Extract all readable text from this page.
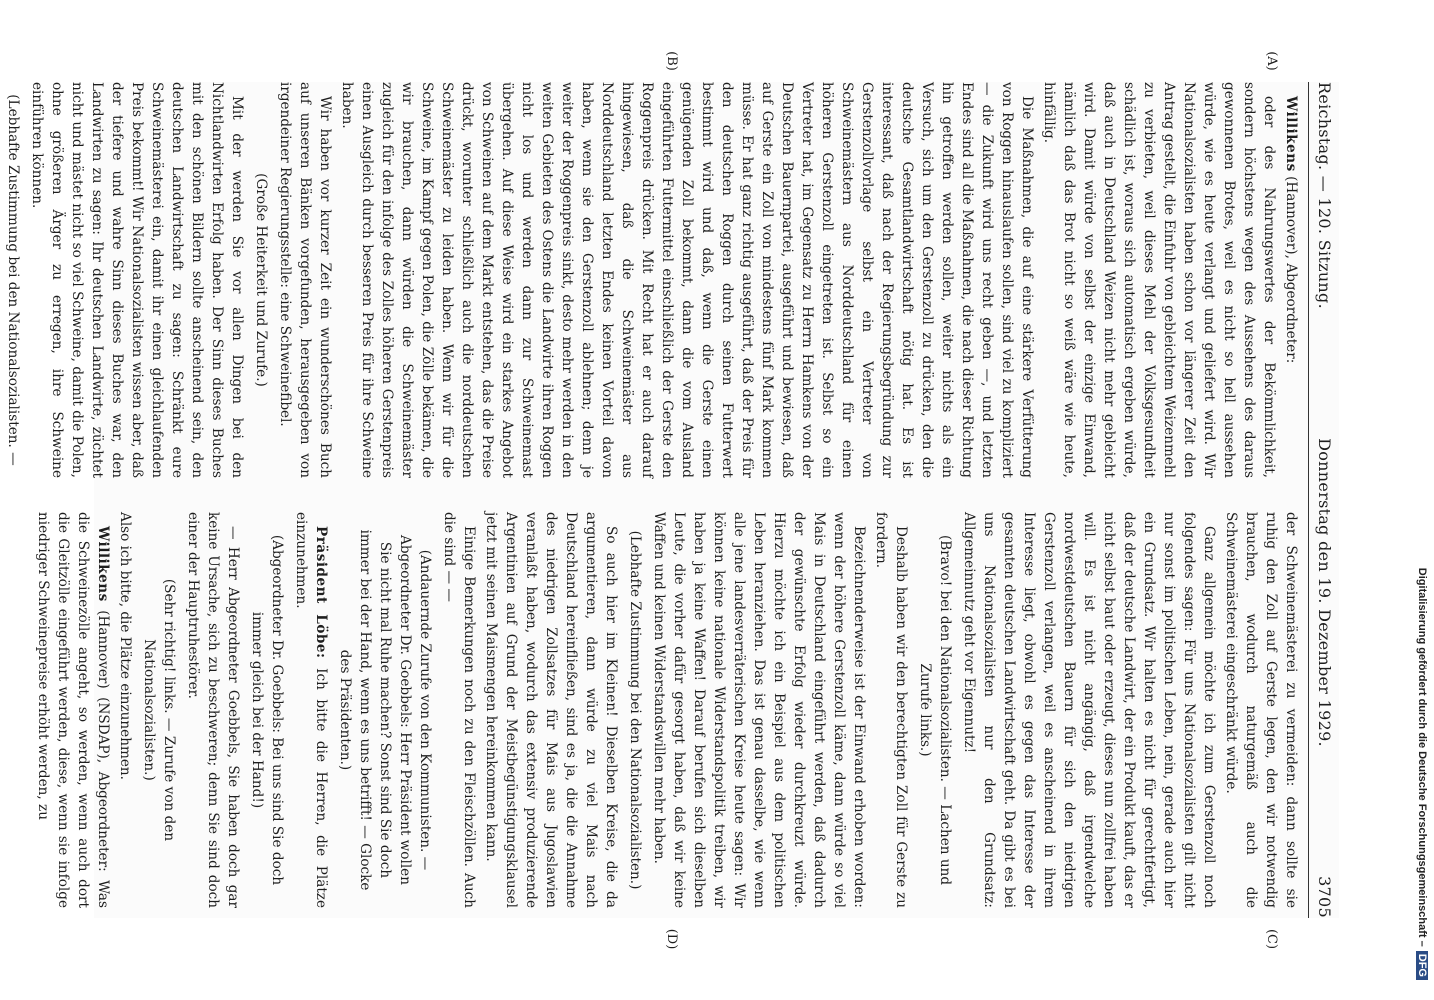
Reichstag. — 120. Sitzung.
Donnerstag den 19. Dezember 1929.
3705
(A)
(B)
(C)
(D)

Willikens (Hannover), Abgeordneter:

oder des Nahrungswertes der Bekömmlichkeit, sondern höchstens wegen des Aussehens des daraus gewonnenen Brotes, weil es nicht so hell aussehen würde, wie es heute verlangt und geliefert wird. Wir Nationalsozialisten haben schon vor längerer Zeit den Antrag gestellt, die Einfuhr von gebleichtem Weizenmehl zu verbieten, weil dieses Mehl der Volksgesundheit schädlich ist, woraus sich automatisch ergeben würde, daß auch in Deutschland Weizen nicht mehr gebleicht wird. Damit würde von selbst der einzige Einwand, nämlich daß das Brot nicht so weiß wäre wie heute, hinfällig.

Die Maßnahmen, die auf eine stärkere Verfütterung von Roggen hinauslaufen sollen, sind viel zu kompliziert — die Zukunft wird uns recht geben —, und letzten Endes sind all die Maßnahmen, die nach dieser Richtung hin getroffen werden sollen, weiter nichts als ein Versuch, sich um den Gerstenzoll zu drücken, den die deutsche Gesamtlandwirtschaft nötig hat. Es ist interessant, daß nach der Regierungsbegründung zur Gerstenzollvorlage selbst ein Vertreter von Schweinemästern aus Norddeutschland für einen höheren Gerstenzoll eingetreten ist. Selbst so ein Vertreter hat, im Gegensatz zu Herrn Hamkens von der Deutschen Bauernpartei, ausgeführt und bewiesen, daß auf Gerste ein Zoll von mindestens fünf Mark kommen müsse. Er hat ganz richtig ausgeführt, daß der Preis für den deutschen Roggen durch seinen Futterwert bestimmt wird und daß, wenn die Gerste einen genügenden Zoll bekommt, dann die vom Ausland eingeführten Futtermittel einschließlich der Gerste den Roggenpreis drücken. Mit Recht hat er auch darauf hingewiesen, daß die Schweinemäster aus Norddeutschland letzten Endes keinen Vorteil davon haben, wenn sie den Gerstenzoll ablehnen; denn je weiter der Roggenpreis sinkt, desto mehr werden in den weiten Gebieten des Ostens die Landwirte ihren Roggen nicht los und werden dann zur Schweinemast übergehen. Auf diese Weise wird ein starkes Angebot von Schweinen auf dem Markt entstehen, das die Preise drückt, worunter schließlich auch die norddeutschen Schweinemäster zu leiden haben. Wenn wir für die Schweine, im Kampf gegen Polen, die Zölle bekämen, die wir brauchen, dann würden die Schweinemäster zugleich für den infolge des Zolles höheren Gerstenpreis einen Ausgleich durch besseren Preis für ihre Schweine haben.

Wir haben vor kurzer Zeit ein wunderschönes Buch auf unseren Bänken vorgefunden, herausgegeben von irgendeiner Regierungsstelle: eine Schweinefibel.

(Große Heiterkeit und Zurufe.)

Mit der werden Sie vor allen Dingen bei den Nichtlandwirten Erfolg haben. Der Sinn dieses Buches mit den schönen Bildern sollte anscheinend sein, den deutschen Landwirtschaft zu sagen: Schränkt eure Schweinemästerei ein, damit ihr einen gleichlaufenden Preis bekommt! Wir Nationalsozialisten wissen aber, daß der tiefere und wahre Sinn dieses Buches war, den Landwirten zu sagen: Ihr deutschen Landwirte, züchtet nicht und mästet nicht so viel Schweine, damit die Polen, ohne größeren Ärger zu erregen, ihre Schweine einführen können.

(Lebhafte Zustimmung bei den Nationalsozialisten. —

der Schweinemästerei zu vermeiden: dann sollte sie ruhig den Zoll auf Gerste legen, den wir notwendig brauchen, wodurch naturgemäß auch die Schweinemästerei eingeschränkt würde.

Ganz allgemein möchte ich zum Gerstenzoll noch folgendes sagen: Für uns Nationalsozialisten gilt nicht nur sonst im politischen Leben, nein, gerade auch hier ein Grundsatz. Wir halten es nicht für gerechtfertigt, daß der deutsche Landwirt, der ein Produkt kauft, das er nicht selbst baut oder erzeugt, dieses nun zollfrei haben will. Es ist nicht angängig, daß irgendwelche nordwestdeutschen Bauern für sich den niedrigen Gerstenzoll verlangen, weil es anscheinend in ihrem Interesse liegt, obwohl es gegen das Interesse der gesamten deutschen Landwirtschaft geht. Da gibt es bei uns Nationalsozialisten nur den Grundsatz: Allgemeinnutz geht vor Eigennutz!

(Bravo! bei den Nationalsozialisten. — Lachen und Zurufe links.)

Deshalb haben wir den berechtigten Zoll für Gerste zu fordern.

Bezeichnenderweise ist der Einwand erhoben worden: wenn der höhere Gerstenzoll käme, dann würde so viel Mais in Deutschland eingeführt werden, daß dadurch der gewünschte Erfolg wieder durchkreuzt würde. Hierzu möchte ich ein Beispiel aus dem politischen Leben heranziehen. Das ist genau dasselbe, wie wenn alle jene landesverräterischen Kreise heute sagen: Wir können keine nationale Widerstandspolitik treiben, wir haben ja keine Waffen! Darauf berufen sich dieselben Leute, die vorher dafür gesorgt haben, daß wir keine Waffen und keinen Widerstandswillen mehr haben.

(Lebhafte Zustimmung bei den Nationalsozialisten.)

So auch hier im Kleinen! Dieselben Kreise, die da argumentieren, dann würde zu viel Mais nach Deutschland hereinfließen, sind es ja, die die Annahme des niedrigen Zollsatzes für Mais aus Jugoslawien veranlaßt haben, wodurch das extensiv produzierende Argentinien auf Grund der Meistbegünstigungsklausel jetzt mit seinen Maismengen hereinkommen kann.

Einige Bemerkungen noch zu den Fleischzöllen. Auch die sind — —

(Andauernde Zurufe von den Kommunisten. — Abgeordneter Dr. Goebbels: Herr Präsident wollen Sie nicht mal Ruhe machen? Sonst sind Sie doch immer bei der Hand, wenn es uns betrifft! — Glocke des Präsidenten.)

Präsident Löbe: Ich bitte die Herren, die Plätze einzunehmen.

(Abgeordneter Dr. Goebbels: Bei uns sind Sie doch immer gleich bei der Hand!)

— Herr Abgeordneter Goebbels, Sie haben doch gar keine Ursache, sich zu beschweren; denn Sie sind doch einer der Hauptruhestörer.

(Sehr richtig! links. — Zurufe von den Nationalsozialisten.)

Also ich bitte, die Plätze einzunehmen.

Willikens (Hannover) (NSDAP), Abgeordneter: Was die Schweinezölle angeht, so werden, wenn auch dort die Gleitzölle eingeführt werden, diese, wenn sie infolge niedriger Schweinepreise erhöht werden, zu	Digitalisierung gefördert durch die Deutsche Forschungsgemeinschaft –DFG
